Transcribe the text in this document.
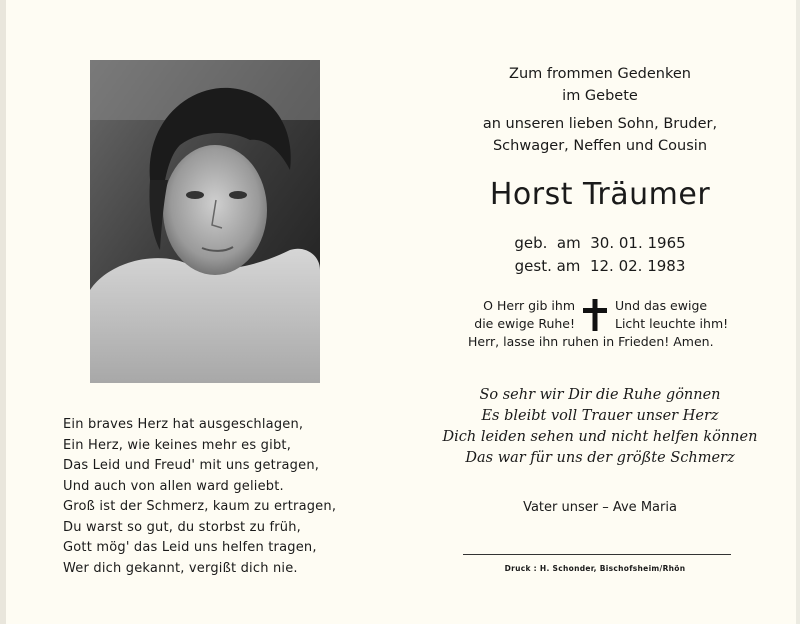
Ein braves Herz hat ausgeschlagen,
Ein Herz, wie keines mehr es gibt,
Das Leid und Freud' mit uns getragen,
Und auch von allen ward geliebt.
Groß ist der Schmerz, kaum zu ertragen,
Du warst so gut, du storbst zu früh,
Gott mög' das Leid uns helfen tragen,
Wer dich gekannt, vergißt dich nie.
Zum frommen Gedenken
im Gebete
an unseren lieben Sohn, Bruder,
Schwager, Neffen und Cousin
Horst Träumer
geb.  am  30. 01. 1965
gest. am  12. 02. 1983
O Herr gib ihm
die ewige Ruhe!
Und das ewige
Licht leuchte ihm!
Herr, lasse ihn ruhen in Frieden! Amen.
So sehr wir Dir die Ruhe gönnen
Es bleibt voll Trauer unser Herz
Dich leiden sehen und nicht helfen können
Das war für uns der größte Schmerz
Vater unser – Ave Maria
Druck : H. Schonder, Bischofsheim/Rhön
